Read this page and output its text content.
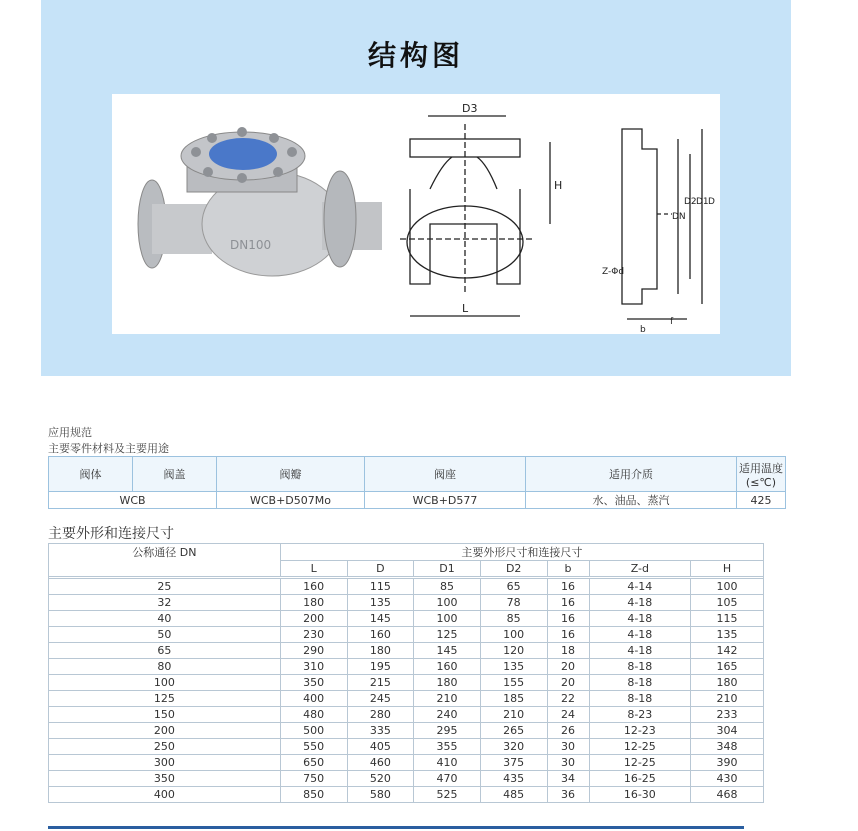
结构图
DN100
D3
H
L
DN
D2 D1 D
Z-Φd
b
f
应用规范
主要零件材料及主要用途
阀体	阀盖	阀瓣	阀座	适用介质	适用温度
(≤℃)

WCB		WCB+D507Mo	WCB+D577	水、油品、蒸汽	425
主要外形和连接尺寸
公称通径 DN	主要外形尺寸和连接尺寸						
	L	D	D1	D2	b	Z-d	H

25	160	115	85	65	16	4-14	100
32	180	135	100	78	16	4-18	105
40	200	145	100	85	16	4-18	115
50	230	160	125	100	16	4-18	135
65	290	180	145	120	18	4-18	142
80	310	195	160	135	20	8-18	165
100	350	215	180	155	20	8-18	180
125	400	245	210	185	22	8-18	210
150	480	280	240	210	24	8-23	233
200	500	335	295	265	26	12-23	304
250	550	405	355	320	30	12-25	348
300	650	460	410	375	30	12-25	390
350	750	520	470	435	34	16-25	430
400	850	580	525	485	36	16-30	468
